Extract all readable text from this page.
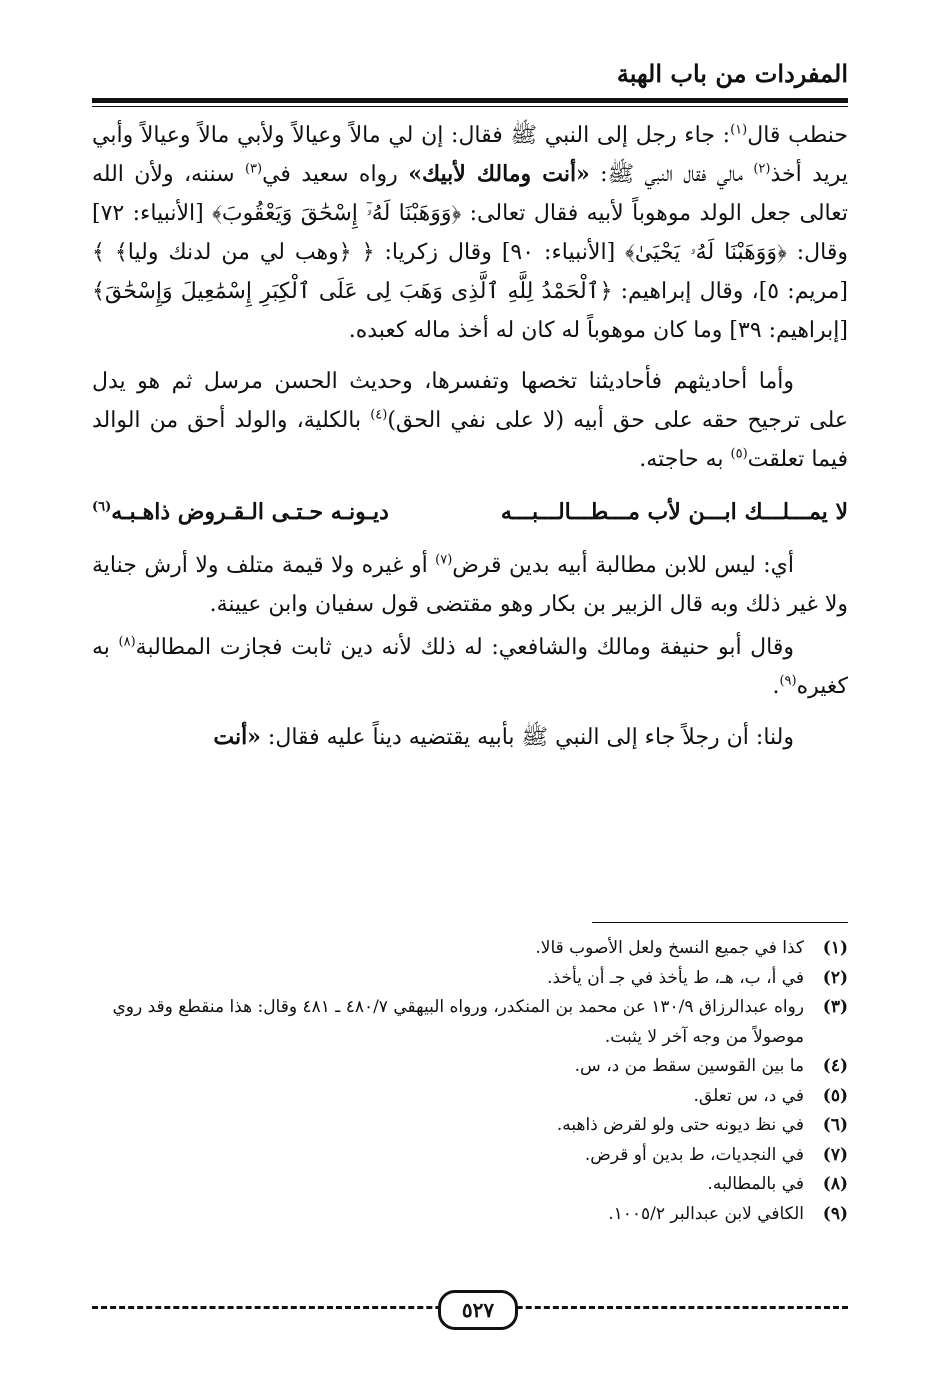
المفردات من باب الهبة

حنطب قال$^{(١)}$: جاء رجل إلى النبي ﷺ فقال: إن لي مالاً وعيالاً ولأبي مالاً وعيالاً وأبي يريد أخذ$^{(٢)}$ مالي فقال النبي ﷺ: «أنت ومالك لأبيك» رواه سعيد في$^{(٣)}$ سننه، ولأن الله تعالى جعل الولد موهوباً لأبيه فقال تعالى: ﴿وَوَهَبْنَا لَهُۥٓ إِسْحَٰقَ وَيَعْقُوبَ﴾ [الأنبياء: ٧٢] وقال: ﴿وَوَهَبْنَا لَهُۥ يَحْيَىٰ﴾ [الأنبياء: ٩٠] وقال زكريا: ﴿ ﴿وهب لي من لدنك وليا﴾ ﴾ [مريم: ٥]، وقال إبراهيم: ﴿ٱلْحَمْدُ لِلَّهِ ٱلَّذِى وَهَبَ لِى عَلَى ٱلْكِبَرِ إِسْمَٰعِيلَ وَإِسْحَٰقَ﴾ [إبراهيم: ٣٩] وما كان موهوباً له كان له أخذ ماله كعبده.

وأما أحاديثهم فأحاديثنا تخصها وتفسرها، وحديث الحسن مرسل ثم هو يدل على ترجيح حقه على حق أبيه (لا على نفي الحق)$^{(٤)}$ بالكلية، والولد أحق من الوالد فيما تعلقت$^{(٥)}$ به حاجته.

لا يمـــلـــك ابـــن لأب مـــطـــالـــبـــه
ديـونـه حـتـى الـقـروض ذاهـبـه$^{(٦)}$

أي: ليس للابن مطالبة أبيه بدين قرض$^{(٧)}$ أو غيره ولا قيمة متلف ولا أرش جناية ولا غير ذلك وبه قال الزبير بن بكار وهو مقتضى قول سفيان وابن عيينة.

وقال أبو حنيفة ومالك والشافعي: له ذلك لأنه دين ثابت فجازت المطالبة$^{(٨)}$ به كغيره$^{(٩)}$.

ولنا: أن رجلاً جاء إلى النبي ﷺ بأبيه يقتضيه ديناً عليه فقال: «أنت

(١)
كذا في جميع النسخ ولعل الأصوب قالا.
(٢)
في أ، ب، هـ، ط يأخذ في جـ أن يأخذ.
(٣)
رواه عبدالرزاق ١٣٠/٩ عن محمد بن المنكدر، ورواه البيهقي ٤٨٠/٧ ـ ٤٨١ وقال: هذا منقطع وقد روي موصولاً من وجه آخر لا يثبت.
(٤)
ما بين القوسين سقط من د، س.
(٥)
في د، س تعلق.
(٦)
في نظ ديونه حتى ولو لقرض ذاهبه.
(٧)
في النجديات، ط بدين أو قرض.
(٨)
في بالمطالبه.
(٩)
الكافي لابن عبدالبر ١٠٠٥/٢.
٥٢٧
